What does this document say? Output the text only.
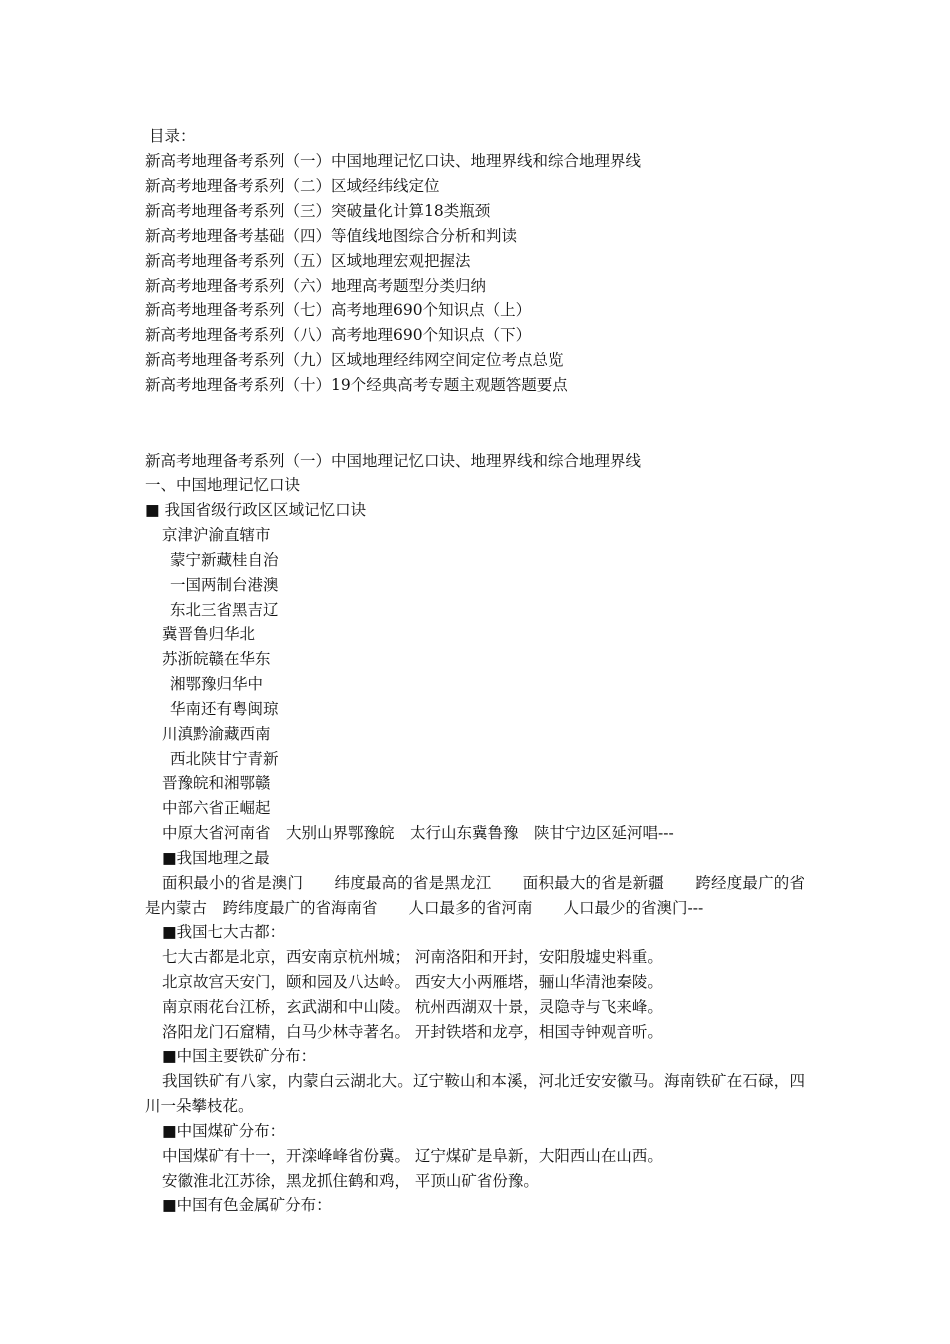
目录：
新高考地理备考系列（一）中国地理记忆口诀、地理界线和综合地理界线
新高考地理备考系列（二）区域经纬线定位
新高考地理备考系列（三）突破量化计算18类瓶颈
新高考地理备考基础（四）等值线地图综合分析和判读
新高考地理备考系列（五）区域地理宏观把握法
新高考地理备考系列（六）地理高考题型分类归纳
新高考地理备考系列（七）高考地理690个知识点（上）
新高考地理备考系列（八）高考地理690个知识点（下）
新高考地理备考系列（九）区域地理经纬网空间定位考点总览
新高考地理备考系列（十）19个经典高考专题主观题答题要点
新高考地理备考系列（一）中国地理记忆口诀、地理界线和综合地理界线
一、中国地理记忆口诀
■ 我国省级行政区区域记忆口诀
京津沪渝直辖市
蒙宁新藏桂自治
一国两制台港澳
东北三省黑吉辽
冀晋鲁归华北
苏浙皖赣在华东
湘鄂豫归华中
华南还有粤闽琼
川滇黔渝藏西南
西北陕甘宁青新
晋豫皖和湘鄂赣
中部六省正崛起
中原大省河南省　大别山界鄂豫皖　太行山东冀鲁豫　陕甘宁边区延河唱---
■我国地理之最
面积最小的省是澳门　　纬度最高的省是黑龙江　　面积最大的省是新疆　　跨经度最广的省是内蒙古　跨纬度最广的省海南省　　人口最多的省河南　　人口最少的省澳门---
■我国七大古都：
七大古都是北京，西安南京杭州城； 河南洛阳和开封，安阳殷墟史料重。
北京故宫天安门，颐和园及八达岭。 西安大小两雁塔，骊山华清池秦陵。
南京雨花台江桥，玄武湖和中山陵。 杭州西湖双十景，灵隐寺与飞来峰。
洛阳龙门石窟精，白马少林寺著名。 开封铁塔和龙亭，相国寺钟观音听。
■中国主要铁矿分布：
我国铁矿有八家，内蒙白云湖北大。辽宁鞍山和本溪，河北迁安安徽马。海南铁矿在石碌，四川一朵攀枝花。
■中国煤矿分布：
中国煤矿有十一，开滦峰峰省份冀。 辽宁煤矿是阜新，大阳西山在山西。
安徽淮北江苏徐，黑龙抓住鹤和鸡， 平顶山矿省份豫。
■中国有色金属矿分布：
